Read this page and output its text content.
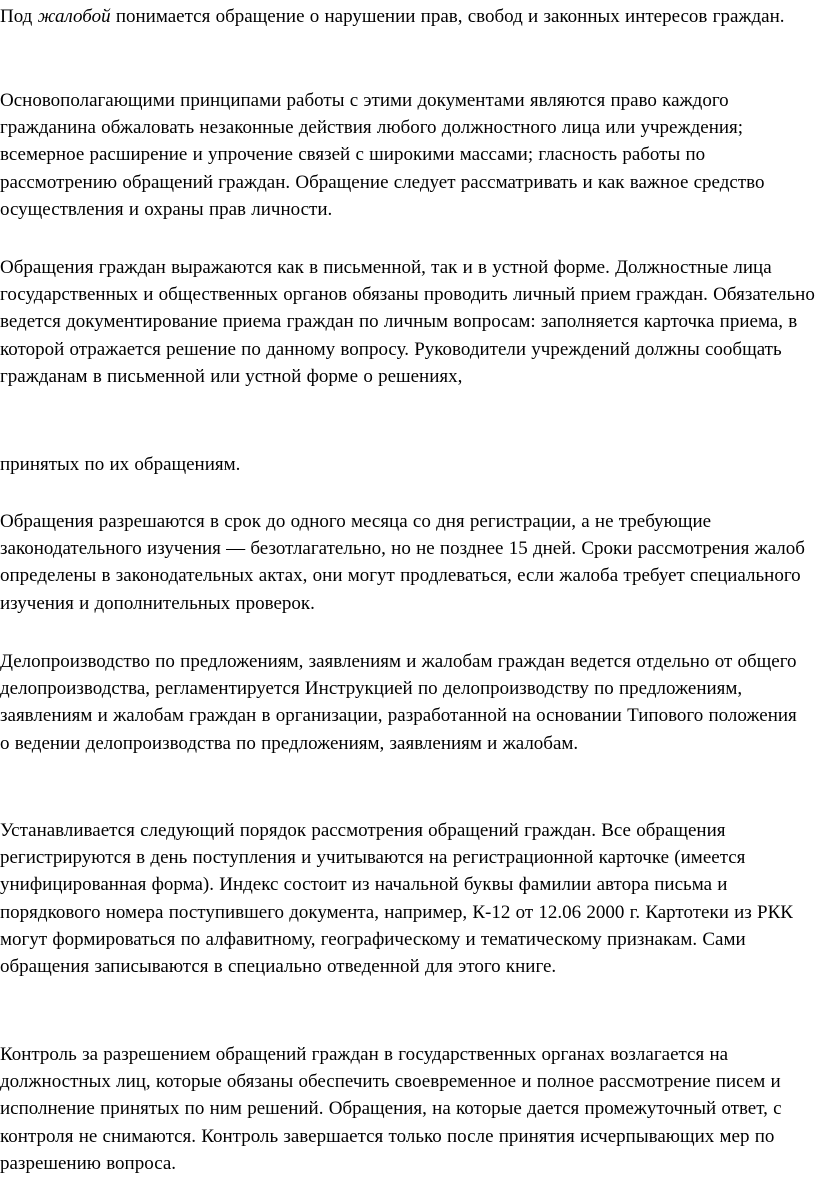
Под жалобой понимается обращение о нарушении прав, свобод и законных интересов граждан.

Основополагающими принципами работы с этими документами являются право каждого гражданина обжаловать незаконные действия любого должностного лица или учреждения; всемерное расширение и упрочение связей с широкими массами; гласность работы по рассмотрению обращений граждан. Обращение следует рассматривать и как важное средство осуществления и охраны прав личности.

Обращения граждан выражаются как в письменной, так и в устной форме. Должностные лица государственных и общественных органов обязаны проводить личный прием граждан. Обязательно ведется документирование приема граждан по личным вопросам: заполняется карточка приема, в которой отражается решение по данному вопросу. Руководители учреждений должны сообщать гражданам в письменной или устной форме о решениях,

принятых по их обращениям.

Обращения разрешаются в срок до одного месяца со дня регистрации, а не требующие законодательного изучения — безотлагательно, но не позднее 15 дней. Сроки рассмотрения жалоб определены в законодательных актах, они могут продлеваться, если жалоба требует специального изучения и дополнительных проверок.

Делопроизводство по предложениям, заявлениям и жалобам граждан ведется отдельно от общего делопроизводства, регламентируется Инструкцией по делопроизводству по предложениям, заявлениям и жалобам граждан в организации, разработанной на основании Типового положения о ведении делопроизводства по предложениям, заявлениям и жалобам.

Устанавливается следующий порядок рассмотрения обращений граждан. Все обращения регистрируются в день поступления и учитываются на регистрационной карточке (имеется унифицированная форма). Индекс состоит из начальной буквы фамилии автора письма и порядкового номера поступившего документа, например, К-12 от 12.06 2000 г. Картотеки из РКК могут формироваться по алфавитному, географическому и тематическому признакам. Сами обращения записываются в специально отведенной для этого книге.

Контроль за разрешением обращений граждан в государственных органах возлагается на должностных лиц, которые обязаны обеспечить своевременное и полное рассмотрение писем и исполнение принятых по ним решений. Обращения, на которые дается промежуточный ответ, с контроля не снимаются. Контроль завершается только после принятия исчерпывающих мер по разрешению вопроса.
